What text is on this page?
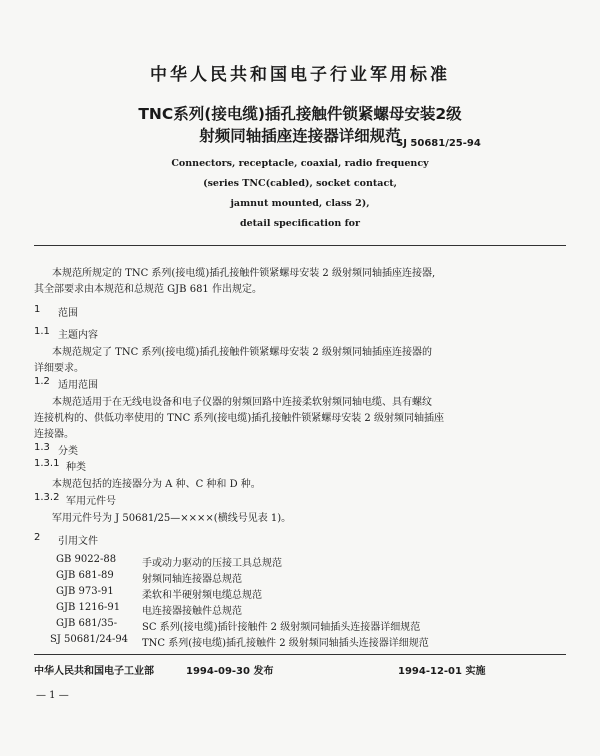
中华人民共和国电子行业军用标准
TNC系列(接电缆)插孔接触件锁紧螺母安装2级
射频同轴插座连接器详细规范
SJ 50681/25-94
Connectors, receptacle, coaxial, radio frequency
(series TNC(cabled), socket contact,
jamnut mounted, class 2),
detail specification for
本规范所规定的 TNC 系列(接电缆)插孔接触件锁紧螺母安装 2 级射频同轴插座连接器,
其全部要求由本规范和总规范 GJB 681 作出规定。
1 范围
1.1 主题内容
本规范规定了 TNC 系列(接电缆)插孔接触件锁紧螺母安装 2 级射频同轴插座连接器的
详细要求。
1.2 适用范围
本规范适用于在无线电设备和电子仪器的射频回路中连接柔软射频同轴电缆、具有螺纹
连接机构的、供低功率使用的 TNC 系列(接电缆)插孔接触件锁紧螺母安装 2 级射频同轴插座
连接器。
1.3 分类
1.3.1 种类
本规范包括的连接器分为 A 种、C 种和 D 种。
1.3.2 军用元件号
军用元件号为 J 50681/25—××××(横线号见表 1)。
2 引用文件
GB 9022-88	手或动力驱动的压接工具总规范
GJB 681-89	射频同轴连接器总规范
GJB 973-91	柔软和半硬射频电缆总规范
GJB 1216-91 电连接器接触件总规范
GJB 681/35- SC 系列(接电缆)插针接触件 2 级射频同轴插头连接器详细规范
SJ 50681/24-94 TNC 系列(接电缆)插孔接触件 2 级射频同轴插头连接器详细规范
中华人民共和国电子工业部	1994-09-30 发布	1994-12-01 实施
— 1 —
